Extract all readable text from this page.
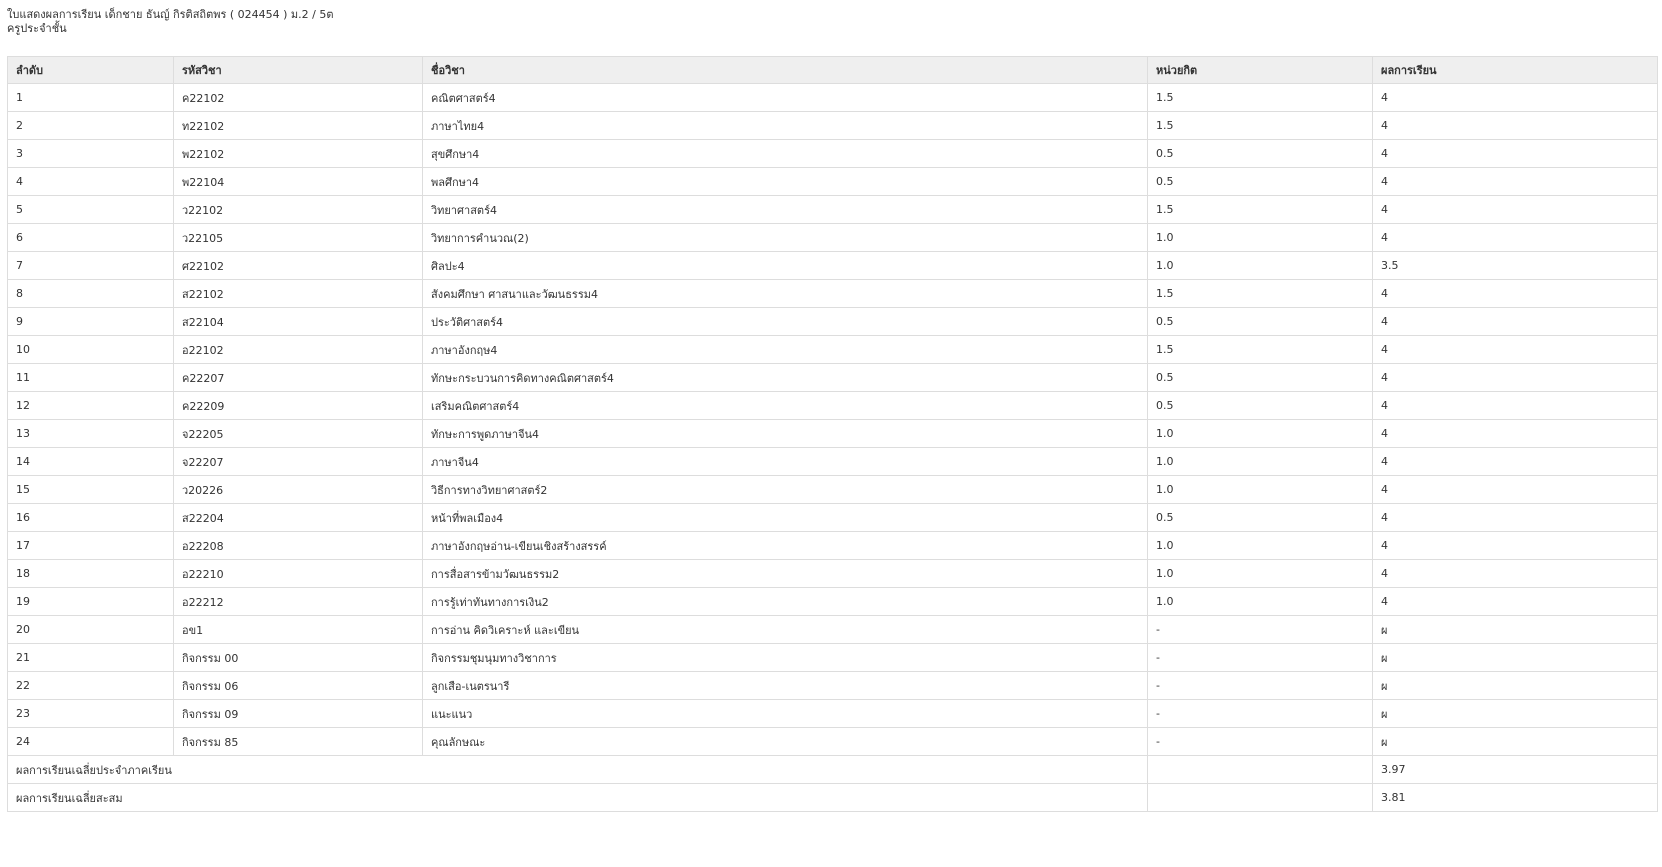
ใบแสดงผลการเรียน เด็กชาย ธันญ์ กิรติสถิตพร ( 024454 ) ม.2 / 5ต
ครูประจำชั้น
ลำดับ	รหัสวิชา	ชื่อวิชา	หน่วยกิต	ผลการเรียน
1	ค22102	คณิตศาสตร์4	1.5	4
2	ท22102	ภาษาไทย4	1.5	4
3	พ22102	สุขศึกษา4	0.5	4
4	พ22104	พลศึกษา4	0.5	4
5	ว22102	วิทยาศาสตร์4	1.5	4
6	ว22105	วิทยาการคำนวณ(2)	1.0	4
7	ศ22102	ศิลปะ4	1.0	3.5
8	ส22102	สังคมศึกษา ศาสนาและวัฒนธรรม4	1.5	4
9	ส22104	ประวัติศาสตร์4	0.5	4
10	อ22102	ภาษาอังกฤษ4	1.5	4
11	ค22207	ทักษะกระบวนการคิดทางคณิตศาสตร์4	0.5	4
12	ค22209	เสริมคณิตศาสตร์4	0.5	4
13	จ22205	ทักษะการพูดภาษาจีน4	1.0	4
14	จ22207	ภาษาจีน4	1.0	4
15	ว20226	วิธีการทางวิทยาศาสตร์2	1.0	4
16	ส22204	หน้าที่พลเมือง4	0.5	4
17	อ22208	ภาษาอังกฤษอ่าน-เขียนเชิงสร้างสรรค์	1.0	4
18	อ22210	การสื่อสารข้ามวัฒนธรรม2	1.0	4
19	อ22212	การรู้เท่าทันทางการเงิน2	1.0	4
20	อข1	การอ่าน คิดวิเคราะห์ และเขียน	-	ผ
21	กิจกรรม 00	กิจกรรมชุมนุมทางวิชาการ	-	ผ
22	กิจกรรม 06	ลูกเสือ-เนตรนารี	-	ผ
23	กิจกรรม 09	แนะแนว	-	ผ
24	กิจกรรม 85	คุณลักษณะ	-	ผ
ผลการเรียนเฉลี่ยประจำภาคเรียน				3.97
ผลการเรียนเฉลี่ยสะสม				3.81
